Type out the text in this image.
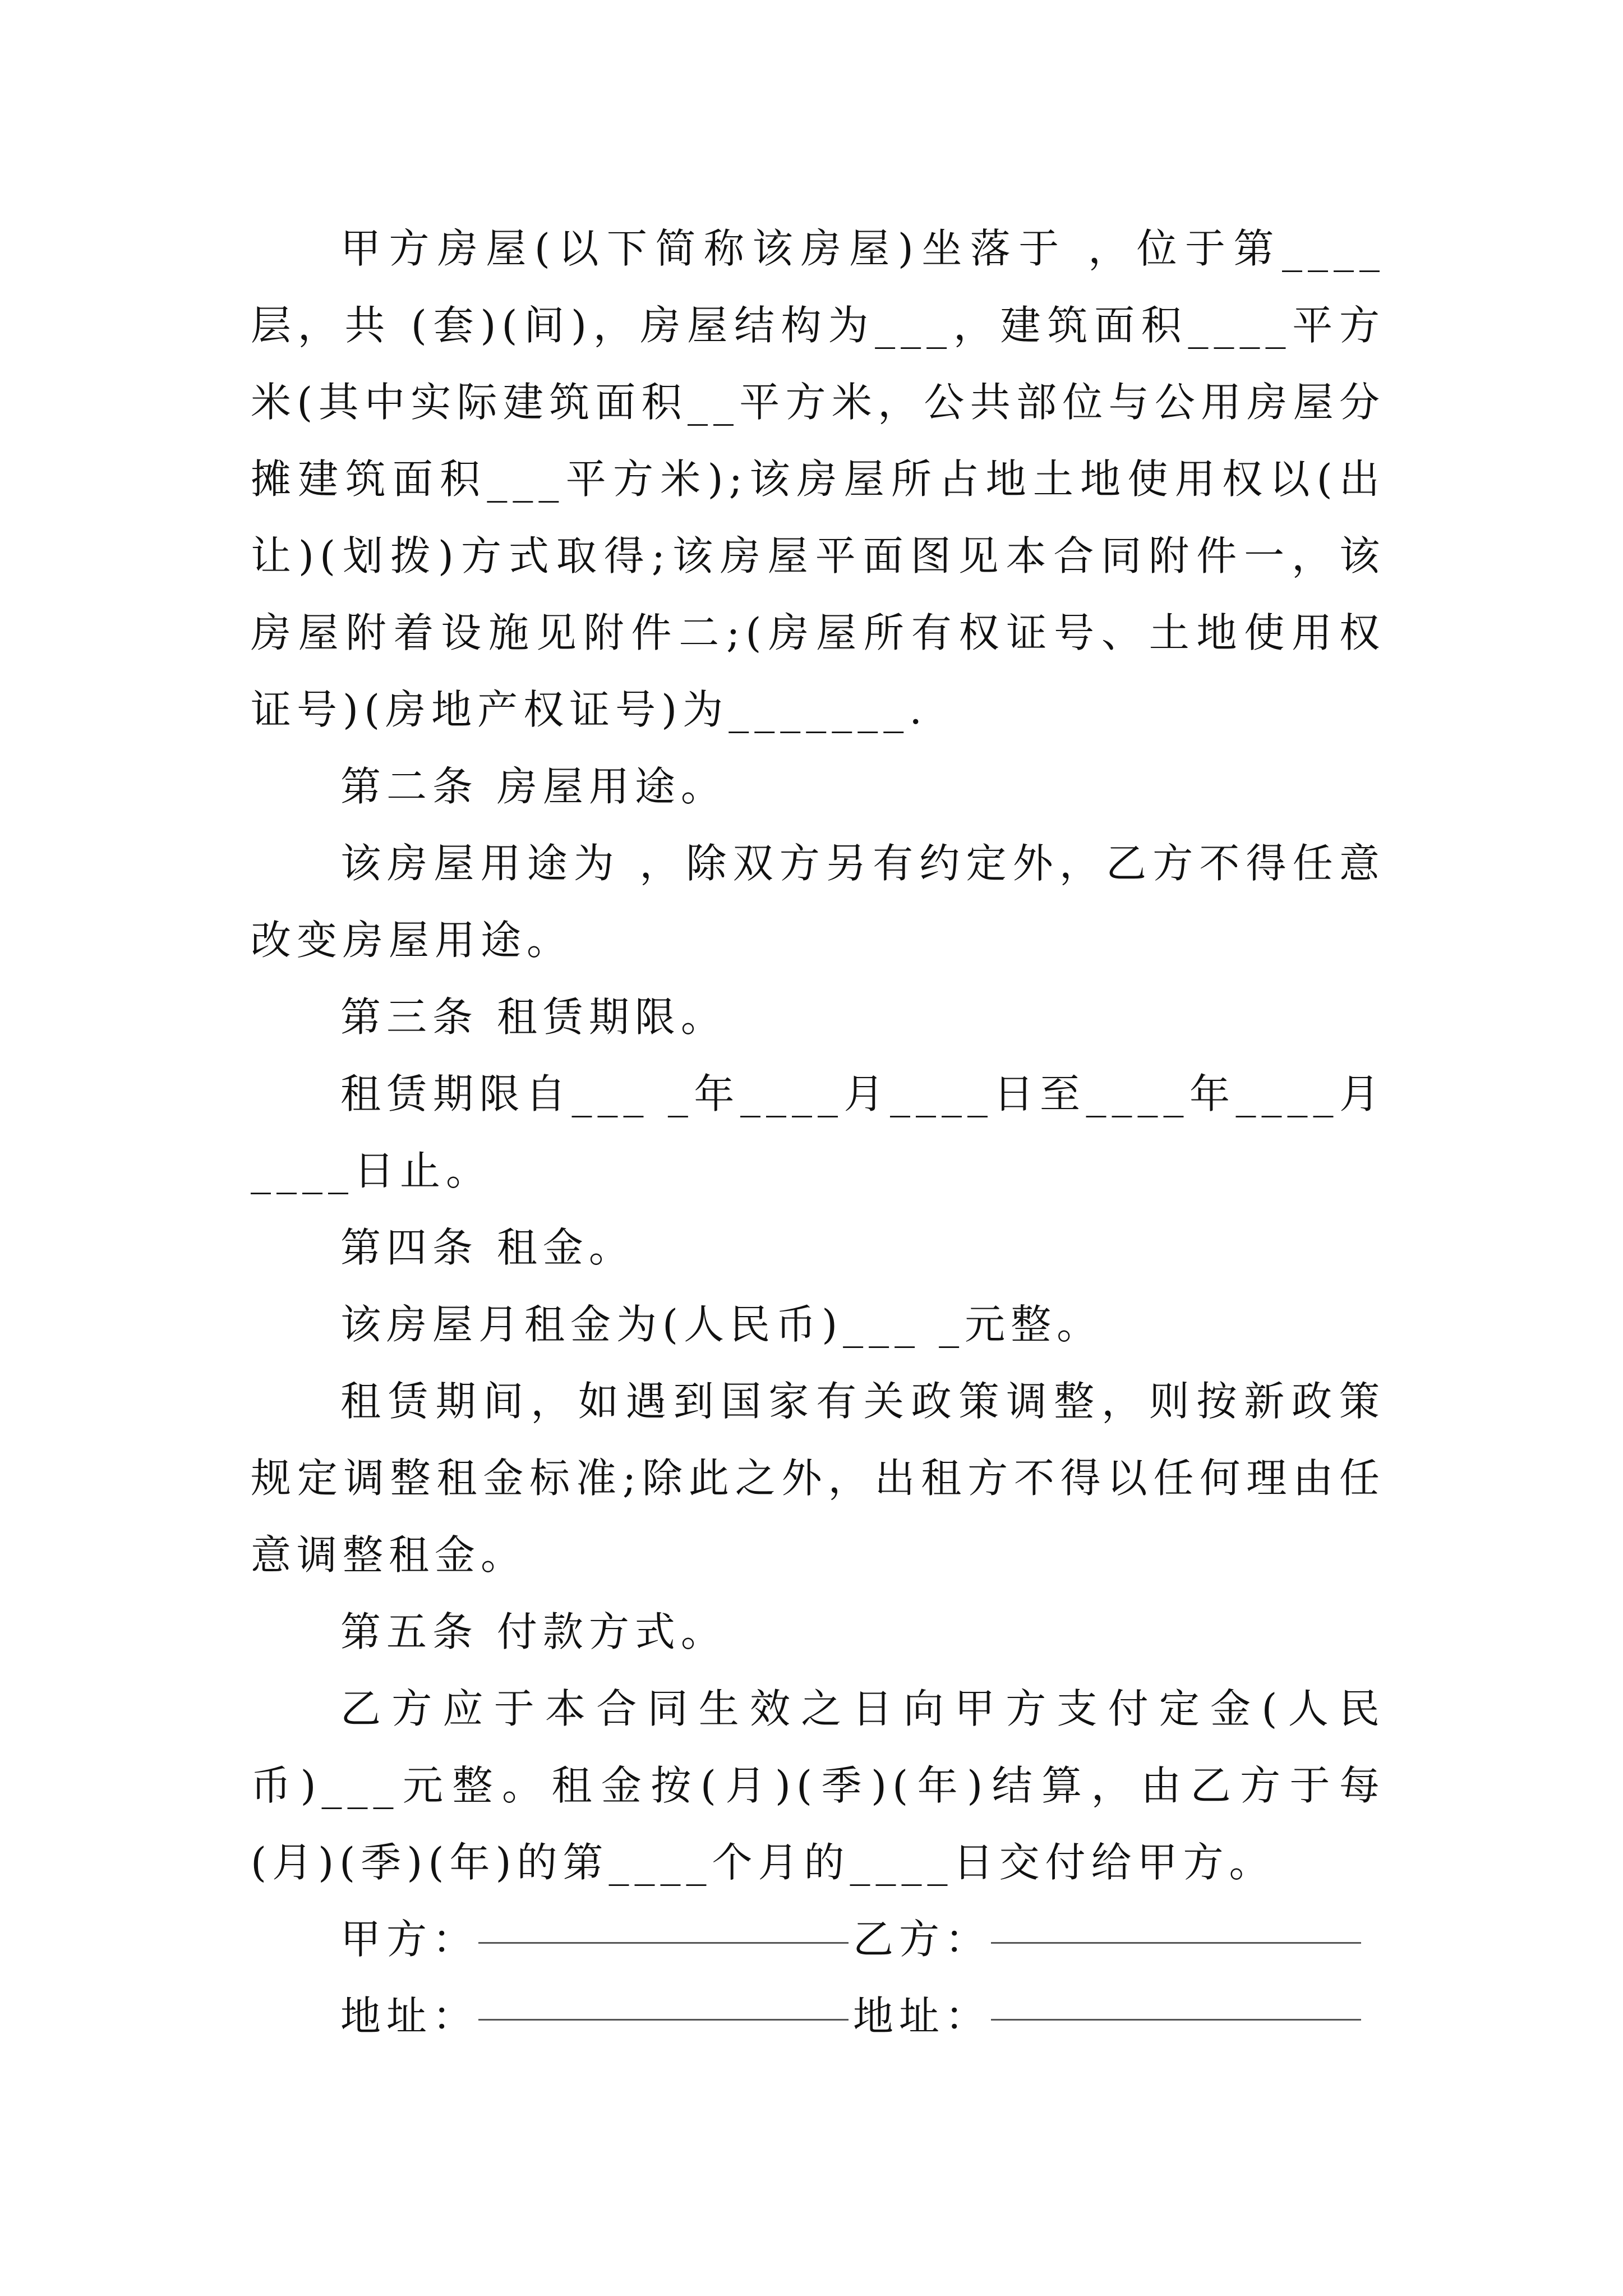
甲方房屋(以下简称该房屋)坐落于 ，位于第____层，共 (套)(间)，房屋结构为___，建筑面积____平方米(其中实际建筑面积__平方米，公共部位与公用房屋分摊建筑面积___平方米);该房屋所占地土地使用权以(出让)(划拨)方式取得;该房屋平面图见本合同附件一，该房屋附着设施见附件二;(房屋所有权证号、土地使用权证号)(房地产权证号)为_______.

第二条 房屋用途。

该房屋用途为 ，除双方另有约定外，乙方不得任意改变房屋用途。

第三条 租赁期限。

租赁期限自___ _年____月____日至____年____月____日止。

第四条 租金。

该房屋月租金为(人民币)___ _元整。

租赁期间，如遇到国家有关政策调整，则按新政策规定调整租金标准;除此之外，出租方不得以任何理由任意调整租金。

第五条 付款方式。

乙方应于本合同生效之日向甲方支付定金(人民币)___元整。租金按(月)(季)(年)结算，由乙方于每(月)(季)(年)的第____个月的____日交付给甲方。

甲方：	乙方：

地址：	地址：
